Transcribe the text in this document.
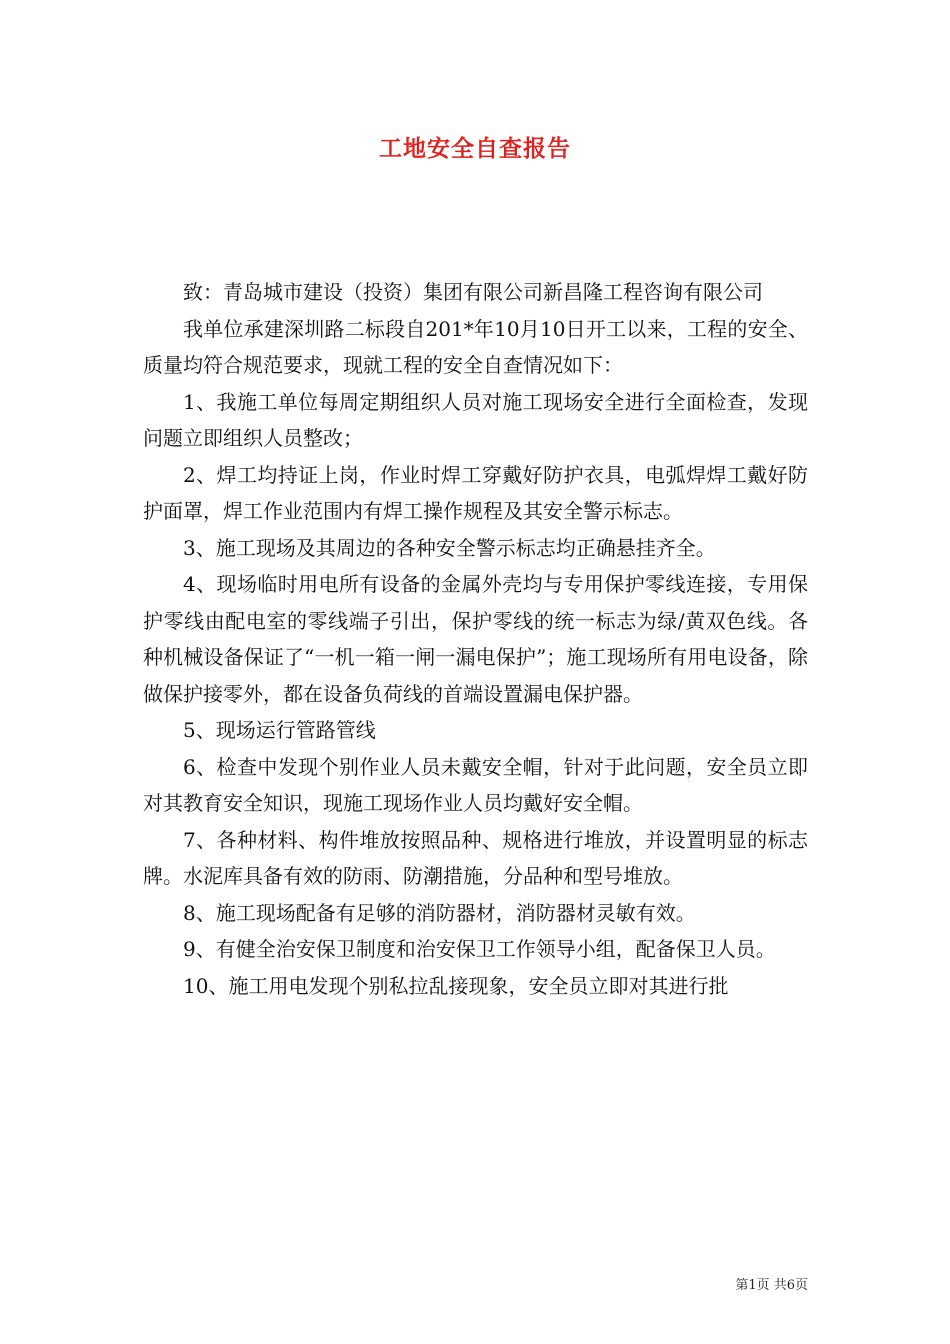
工地安全自查报告

致：青岛城市建设（投资）集团有限公司新昌隆工程咨询有限公司

我单位承建深圳路二标段自201*年10月10日开工以来，工程的安全、质量均符合规范要求，现就工程的安全自查情况如下：

1、我施工单位每周定期组织人员对施工现场安全进行全面检查，发现问题立即组织人员整改；

2、焊工均持证上岗，作业时焊工穿戴好防护衣具，电弧焊焊工戴好防护面罩，焊工作业范围内有焊工操作规程及其安全警示标志。

3、施工现场及其周边的各种安全警示标志均正确悬挂齐全。

4、现场临时用电所有设备的金属外壳均与专用保护零线连接，专用保护零线由配电室的零线端子引出，保护零线的统一标志为绿/黄双色线。各种机械设备保证了“一机一箱一闸一漏电保护”；施工现场所有用电设备，除做保护接零外，都在设备负荷线的首端设置漏电保护器。

5、现场运行管路管线

6、检查中发现个别作业人员未戴安全帽，针对于此问题，安全员立即对其教育安全知识，现施工现场作业人员均戴好安全帽。

7、各种材料、构件堆放按照品种、规格进行堆放，并设置明显的标志牌。水泥库具备有效的防雨、防潮措施，分品种和型号堆放。

8、施工现场配备有足够的消防器材，消防器材灵敏有效。

9、有健全治安保卫制度和治安保卫工作领导小组，配备保卫人员。

10、施工用电发现个别私拉乱接现象，安全员立即对其进行批

第1页 共6页
